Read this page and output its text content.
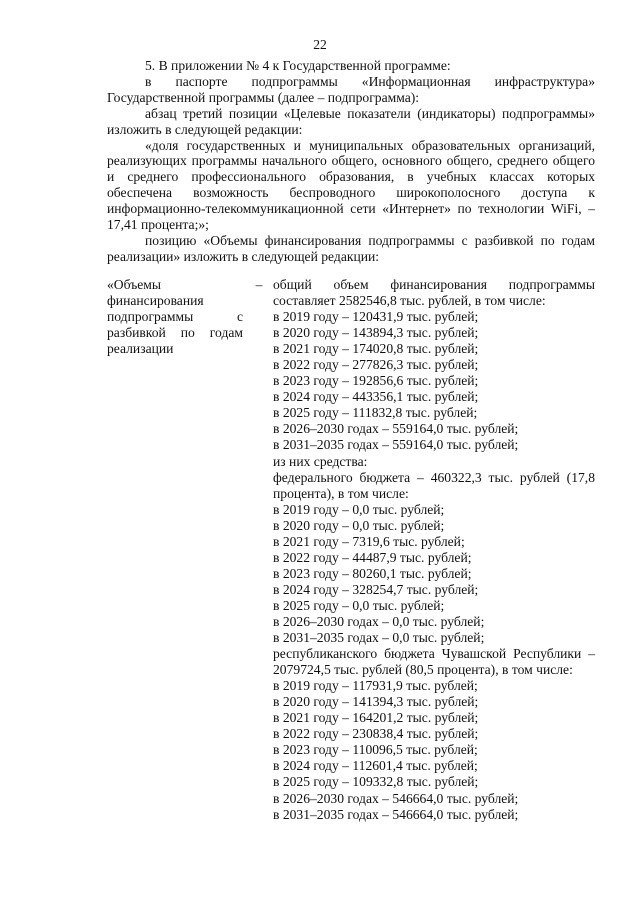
22

5. В приложении № 4 к Государственной программе:

в паспорте подпрограммы «Информационная инфраструктура» Государственной программы (далее – подпрограмма):

абзац третий позиции «Целевые показатели (индикаторы) подпрограммы» изложить в следующей редакции:

«доля государственных и муниципальных образовательных организаций, реализующих программы начального общего, основного общего, среднего общего и среднего профессионального образования, в учебных классах которых обеспечена возможность беспроводного широкополосного доступа к информационно-телекоммуникационной сети «Интернет» по технологии WiFi, – 17,41 процента;»;

позицию «Объемы финансирования подпрограммы с разбивкой по годам реализации» изложить в следующей редакции:

«Объемы финансирования подпрограммы с разбивкой по годам реализации
– общий объем финансирования подпрограммы составляет 2582546,8 тыс. рублей, в том числе:
в 2019 году – 120431,9 тыс. рублей;
в 2020 году – 143894,3 тыс. рублей;
в 2021 году – 174020,8 тыс. рублей;
в 2022 году – 277826,3 тыс. рублей;
в 2023 году – 192856,6 тыс. рублей;
в 2024 году – 443356,1 тыс. рублей;
в 2025 году – 111832,8 тыс. рублей;
в 2026–2030 годах – 559164,0 тыс. рублей;
в 2031–2035 годах – 559164,0 тыс. рублей;
из них средства:
федерального бюджета – 460322,3 тыс. рублей (17,8 процента), в том числе:
в 2019 году – 0,0 тыс. рублей;
в 2020 году – 0,0 тыс. рублей;
в 2021 году – 7319,6 тыс. рублей;
в 2022 году – 44487,9 тыс. рублей;
в 2023 году – 80260,1 тыс. рублей;
в 2024 году – 328254,7 тыс. рублей;
в 2025 году – 0,0 тыс. рублей;
в 2026–2030 годах – 0,0 тыс. рублей;
в 2031–2035 годах – 0,0 тыс. рублей;
республиканского бюджета Чувашской Республики – 2079724,5 тыс. рублей (80,5 процента), в том числе:
в 2019 году – 117931,9 тыс. рублей;
в 2020 году – 141394,3 тыс. рублей;
в 2021 году – 164201,2 тыс. рублей;
в 2022 году – 230838,4 тыс. рублей;
в 2023 году – 110096,5 тыс. рублей;
в 2024 году – 112601,4 тыс. рублей;
в 2025 году – 109332,8 тыс. рублей;
в 2026–2030 годах – 546664,0 тыс. рублей;
в 2031–2035 годах – 546664,0 тыс. рублей;
